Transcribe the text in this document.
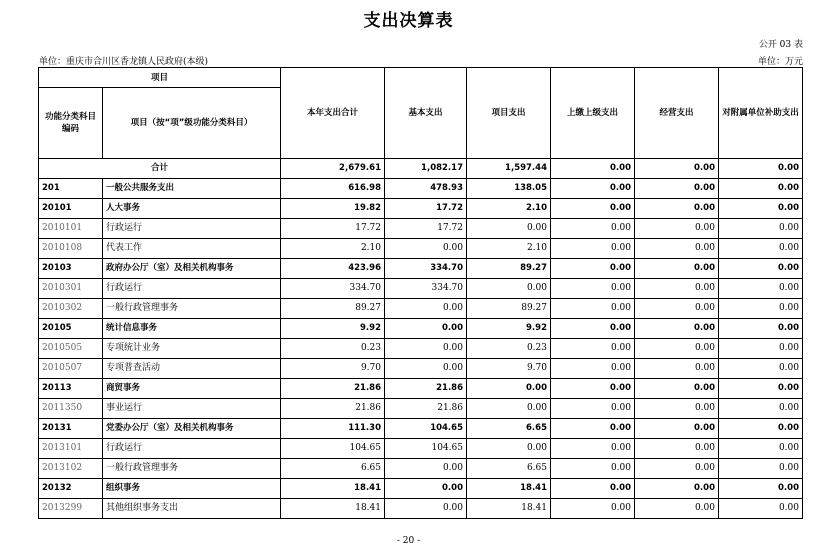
支出决算表
公开 03 表
单位：重庆市合川区香龙镇人民政府(本级)	单位：万元
项目		本年支出合计	基本支出	项目支出	上缴上级支出	经营支出	对附属单位补助支出
功能分类科目编码	项目（按“项”级功能分类科目）						
合计		2,679.61	1,082.17	1,597.44	0.00	0.00	0.00
201	一般公共服务支出	616.98	478.93	138.05	0.00	0.00	0.00
20101	人大事务	19.82	17.72	2.10	0.00	0.00	0.00
2010101	行政运行	17.72	17.72	0.00	0.00	0.00	0.00
2010108	代表工作	2.10	0.00	2.10	0.00	0.00	0.00
20103	政府办公厅（室）及相关机构事务	423.96	334.70	89.27	0.00	0.00	0.00
2010301	行政运行	334.70	334.70	0.00	0.00	0.00	0.00
2010302	一般行政管理事务	89.27	0.00	89.27	0.00	0.00	0.00
20105	统计信息事务	9.92	0.00	9.92	0.00	0.00	0.00
2010505	专项统计业务	0.23	0.00	0.23	0.00	0.00	0.00
2010507	专项普查活动	9.70	0.00	9.70	0.00	0.00	0.00
20113	商贸事务	21.86	21.86	0.00	0.00	0.00	0.00
2011350	事业运行	21.86	21.86	0.00	0.00	0.00	0.00
20131	党委办公厅（室）及相关机构事务	111.30	104.65	6.65	0.00	0.00	0.00
2013101	行政运行	104.65	104.65	0.00	0.00	0.00	0.00
2013102	一般行政管理事务	6.65	0.00	6.65	0.00	0.00	0.00
20132	组织事务	18.41	0.00	18.41	0.00	0.00	0.00
2013299	其他组织事务支出	18.41	0.00	18.41	0.00	0.00	0.00
- 20 -
